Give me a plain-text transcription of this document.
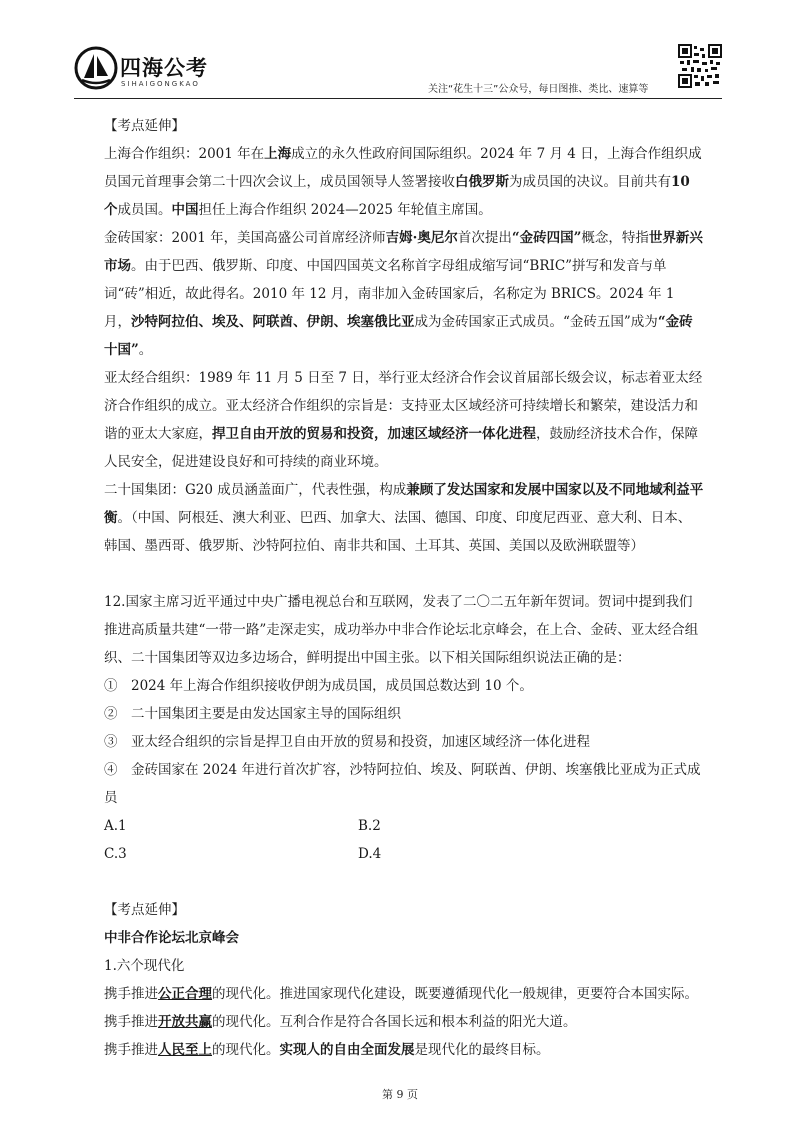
四海公考
SIHAIGONGKAO	关注“花生十三”公众号，每日图推、类比、速算等

【考点延伸】

上海合作组织：2001 年在上海成立的永久性政府间国际组织。2024 年 7 月 4 日，上海合作组织成员国元首理事会第二十四次会议上，成员国领导人签署接收白俄罗斯为成员国的决议。目前共有10 个成员国。中国担任上海合作组织 2024—2025 年轮值主席国。

金砖国家：2001 年，美国高盛公司首席经济师吉姆·奥尼尔首次提出“金砖四国”概念，特指世界新兴市场。由于巴西、俄罗斯、印度、中国四国英文名称首字母组成缩写词“BRIC”拼写和发音与单词“砖”相近，故此得名。2010 年 12 月，南非加入金砖国家后，名称定为 BRICS。2024 年 1 月，沙特阿拉伯、埃及、阿联酋、伊朗、埃塞俄比亚成为金砖国家正式成员。“金砖五国”成为“金砖十国”。

亚太经合组织：1989 年 11 月 5 日至 7 日，举行亚太经济合作会议首届部长级会议，标志着亚太经济合作组织的成立。亚太经济合作组织的宗旨是：支持亚太区域经济可持续增长和繁荣，建设活力和谐的亚太大家庭，捍卫自由开放的贸易和投资，加速区域经济一体化进程，鼓励经济技术合作，保障人民安全，促进建设良好和可持续的商业环境。

二十国集团：G20 成员涵盖面广，代表性强，构成兼顾了发达国家和发展中国家以及不同地域利益平衡。（中国、阿根廷、澳大利亚、巴西、加拿大、法国、德国、印度、印度尼西亚、意大利、日本、韩国、墨西哥、俄罗斯、沙特阿拉伯、南非共和国、土耳其、英国、美国以及欧洲联盟等）

12.国家主席习近平通过中央广播电视总台和互联网，发表了二〇二五年新年贺词。贺词中提到我们推进高质量共建“一带一路”走深走实，成功举办中非合作论坛北京峰会，在上合、金砖、亚太经合组织、二十国集团等双边多边场合，鲜明提出中国主张。以下相关国际组织说法正确的是：

①　2024 年上海合作组织接收伊朗为成员国，成员国总数达到 10 个。

②　二十国集团主要是由发达国家主导的国际组织

③　亚太经合组织的宗旨是捍卫自由开放的贸易和投资，加速区域经济一体化进程

④　金砖国家在 2024 年进行首次扩容，沙特阿拉伯、埃及、阿联酋、伊朗、埃塞俄比亚成为正式成员

A.1	B.2
C.3	D.4

【考点延伸】

中非合作论坛北京峰会

1.六个现代化

携手推进公正合理的现代化。推进国家现代化建设，既要遵循现代化一般规律，更要符合本国实际。

携手推进开放共赢的现代化。互利合作是符合各国长远和根本利益的阳光大道。

携手推进人民至上的现代化。实现人的自由全面发展是现代化的最终目标。

第 9 页
